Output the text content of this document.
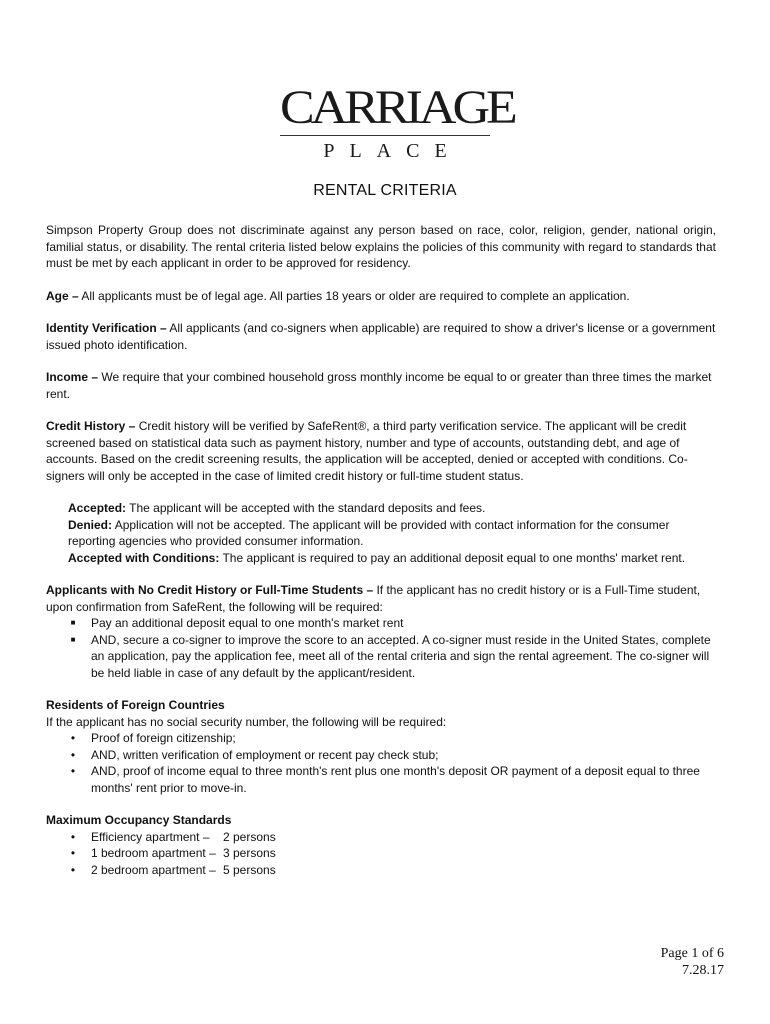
CARRIAGE
PLACE
RENTAL CRITERIA

Simpson Property Group does not discriminate against any person based on race, color, religion, gender, national origin, familial status, or disability. The rental criteria listed below explains the policies of this community with regard to standards that must be met by each applicant in order to be approved for residency.

Age – All applicants must be of legal age. All parties 18 years or older are required to complete an application.

Identity Verification – All applicants (and co-signers when applicable) are required to show a driver's license or a government issued photo identification.

Income – We require that your combined household gross monthly income be equal to or greater than three times the market rent.

Credit History – Credit history will be verified by SafeRent®, a third party verification service. The applicant will be credit screened based on statistical data such as payment history, number and type of accounts, outstanding debt, and age of accounts. Based on the credit screening results, the application will be accepted, denied or accepted with conditions. Co-signers will only be accepted in the case of limited credit history or full-time student status.

Accepted: The applicant will be accepted with the standard deposits and fees.

Denied: Application will not be accepted. The applicant will be provided with contact information for the consumer reporting agencies who provided consumer information.

Accepted with Conditions: The applicant is required to pay an additional deposit equal to one months' market rent.

Applicants with No Credit History or Full-Time Students – If the applicant has no credit history or is a Full-Time student, upon confirmation from SafeRent, the following will be required:

■	Pay an additional deposit equal to one month's market rent
■	AND, secure a co-signer to improve the score to an accepted. A co-signer must reside in the United States, complete an application, pay the application fee, meet all of the rental criteria and sign the rental agreement. The co-signer will be held liable in case of any default by the applicant/resident.

Residents of Foreign Countries

If the applicant has no social security number, the following will be required:

•	Proof of foreign citizenship;
•	AND, written verification of employment or recent pay check stub;
•	AND, proof of income equal to three month's rent plus one month's deposit OR payment of a deposit equal to three months' rent prior to move-in.

Maximum Occupancy Standards

•	Efficiency apartment – 2 persons
•	1 bedroom apartment – 3 persons
•	2 bedroom apartment – 5 persons
Page 1 of 6
7.28.17
